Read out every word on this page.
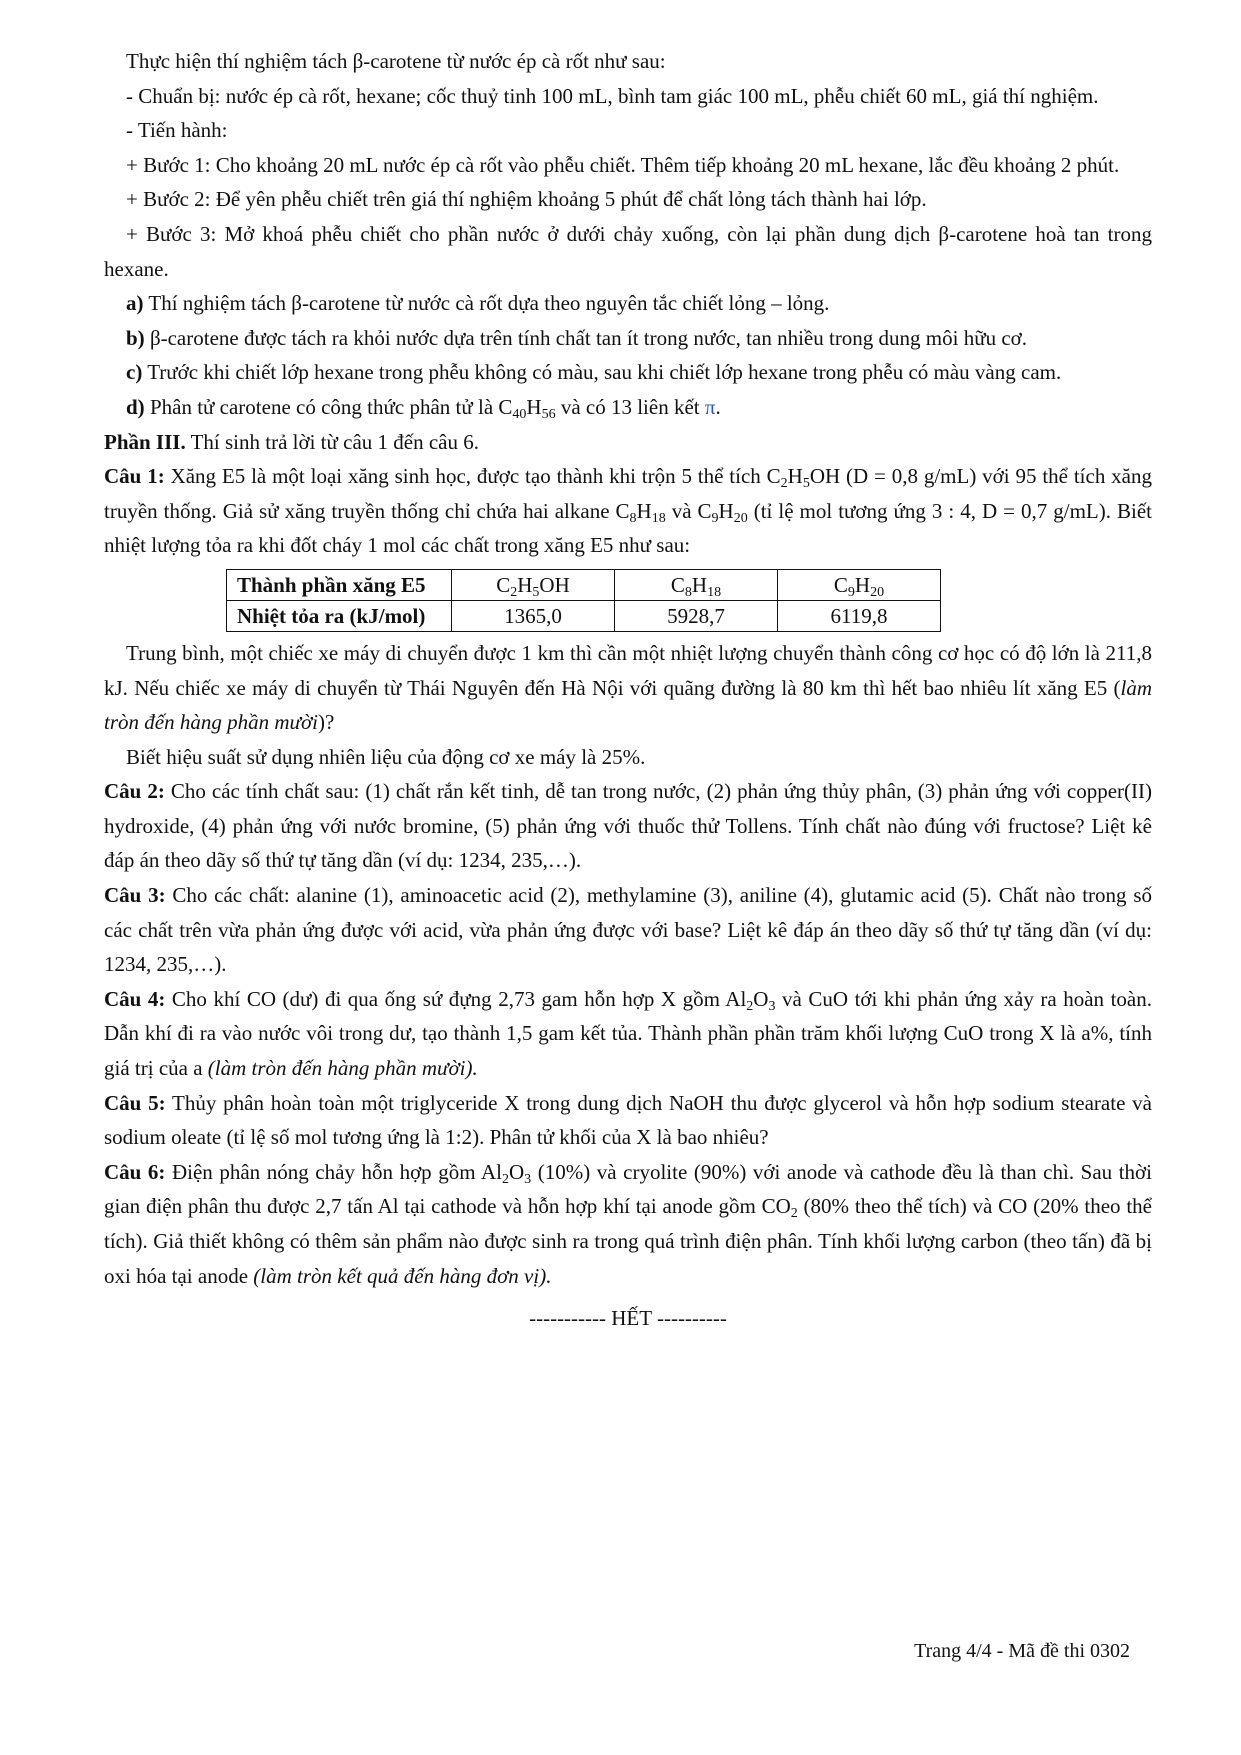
Thực hiện thí nghiệm tách β-carotene từ nước ép cà rốt như sau:

- Chuẩn bị: nước ép cà rốt, hexane; cốc thuỷ tinh 100 mL, bình tam giác 100 mL, phễu chiết 60 mL, giá thí nghiệm.

- Tiến hành:

+ Bước 1: Cho khoảng 20 mL nước ép cà rốt vào phễu chiết. Thêm tiếp khoảng 20 mL hexane, lắc đều khoảng 2 phút.

+ Bước 2: Để yên phễu chiết trên giá thí nghiệm khoảng 5 phút để chất lỏng tách thành hai lớp.

+ Bước 3: Mở khoá phễu chiết cho phần nước ở dưới chảy xuống, còn lại phần dung dịch β-carotene hoà tan trong hexane.

a) Thí nghiệm tách β-carotene từ nước cà rốt dựa theo nguyên tắc chiết lỏng – lỏng.

b) β-carotene được tách ra khỏi nước dựa trên tính chất tan ít trong nước, tan nhiều trong dung môi hữu cơ.

c) Trước khi chiết lớp hexane trong phễu không có màu, sau khi chiết lớp hexane trong phễu có màu vàng cam.

d) Phân tử carotene có công thức phân tử là $C_{40}H_{56}$ và có 13 liên kết π.

Phần III. Thí sinh trả lời từ câu 1 đến câu 6.

Câu 1: Xăng E5 là một loại xăng sinh học, được tạo thành khi trộn 5 thể tích $C_2H_5OH$ (D = 0,8 g/mL) với 95 thể tích xăng truyền thống. Giả sử xăng truyền thống chỉ chứa hai alkane $C_8H_{18}$ và $C_9H_{20}$ (tỉ lệ mol tương ứng 3 : 4, D = 0,7 g/mL). Biết nhiệt lượng tỏa ra khi đốt cháy 1 mol các chất trong xăng E5 như sau:

Thành phần xăng E5	$C_2H_5OH$	$C_8H_{18}$	$C_9H_{20}$
Nhiệt tỏa ra (kJ/mol)	1365,0	5928,7	6119,8

Trung bình, một chiếc xe máy di chuyển được 1 km thì cần một nhiệt lượng chuyển thành công cơ học có độ lớn là 211,8 kJ. Nếu chiếc xe máy di chuyển từ Thái Nguyên đến Hà Nội với quãng đường là 80 km thì hết bao nhiêu lít xăng E5 (làm tròn đến hàng phần mười)?

Biết hiệu suất sử dụng nhiên liệu của động cơ xe máy là 25%.

Câu 2: Cho các tính chất sau: (1) chất rắn kết tinh, dễ tan trong nước, (2) phản ứng thủy phân, (3) phản ứng với copper(II) hydroxide, (4) phản ứng với nước bromine, (5) phản ứng với thuốc thử Tollens. Tính chất nào đúng với fructose? Liệt kê đáp án theo dãy số thứ tự tăng dần (ví dụ: 1234, 235,…).

Câu 3: Cho các chất: alanine (1), aminoacetic acid (2), methylamine (3), aniline (4), glutamic acid (5). Chất nào trong số các chất trên vừa phản ứng được với acid, vừa phản ứng được với base? Liệt kê đáp án theo dãy số thứ tự tăng dần (ví dụ: 1234, 235,…).

Câu 4: Cho khí CO (dư) đi qua ống sứ đựng 2,73 gam hỗn hợp X gồm $Al_2O_3$ và CuO tới khi phản ứng xảy ra hoàn toàn. Dẫn khí đi ra vào nước vôi trong dư, tạo thành 1,5 gam kết tủa. Thành phần phần trăm khối lượng CuO trong X là a%, tính giá trị của a (làm tròn đến hàng phần mười).

Câu 5: Thủy phân hoàn toàn một triglyceride X trong dung dịch NaOH thu được glycerol và hỗn hợp sodium stearate và sodium oleate (tỉ lệ số mol tương ứng là 1:2). Phân tử khối của X là bao nhiêu?

Câu 6: Điện phân nóng chảy hỗn hợp gồm $Al_2O_3$ (10%) và cryolite (90%) với anode và cathode đều là than chì. Sau thời gian điện phân thu được 2,7 tấn Al tại cathode và hỗn hợp khí tại anode gồm $CO_2$ (80% theo thể tích) và CO (20% theo thể tích). Giả thiết không có thêm sản phẩm nào được sinh ra trong quá trình điện phân. Tính khối lượng carbon (theo tấn) đã bị oxi hóa tại anode (làm tròn kết quả đến hàng đơn vị).

----------- HẾT ----------

Trang 4/4 - Mã đề thi 0302
